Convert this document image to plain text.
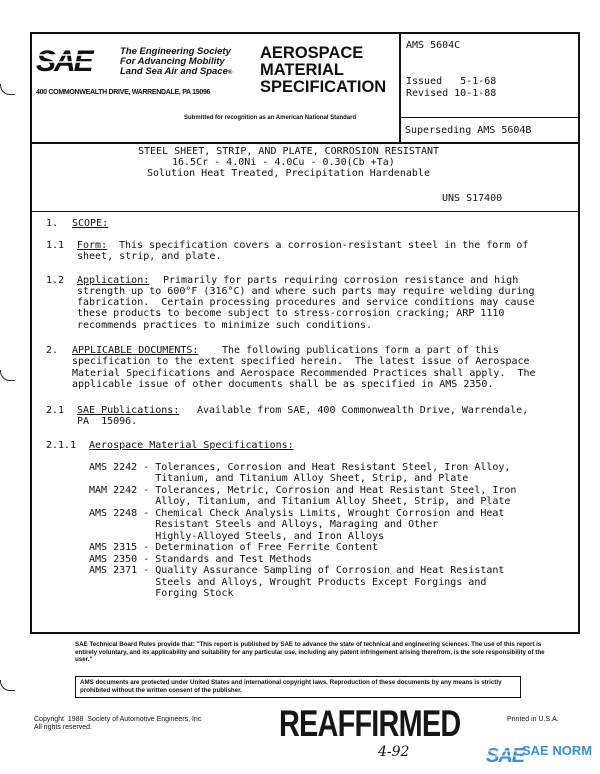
SAE	The Engineering Society
For Advancing Mobility
Land Sea Air and Space®
400 COMMONWEALTH DRIVE, WARRENDALE, PA 15096
AEROSPACE
MATERIAL
SPECIFICATION
Submitted for recognition as an American National Standard
AMS 5604C
Issued   5-1-68
Revised 10-1-88
Superseding AMS 5604B
STEEL SHEET, STRIP, AND PLATE, CORROSION RESISTANT
16.5Cr - 4.0Ni - 4.0Cu - 0.30(Cb +Ta)
Solution Heat Treated, Precipitation Hardenable
UNS S17400
1. SCOPE:
1.1 Form: This specification covers a corrosion-resistant steel in the form of
sheet, strip, and plate.
1.2 Application: Primarily for parts requiring corrosion resistance and high
strength up to 600°F (316°C) and where such parts may require welding during
fabrication.  Certain processing procedures and service conditions may cause
these products to become subject to stress-corrosion cracking; ARP 1110
recommends practices to minimize such conditions.
2. APPLICABLE DOCUMENTS: The following publications form a part of this
specification to the extent specified herein.  The latest issue of Aerospace
Material Specifications and Aerospace Recommended Practices shall apply.  The
applicable issue of other documents shall be as specified in AMS 2350.
2.1 SAE Publications: Available from SAE, 400 Commonwealth Drive, Warrendale,
PA  15096.
2.1.1 Aerospace Material Specifications:
AMS 2242 - Tolerances, Corrosion and Heat Resistant Steel, Iron Alloy,
Titanium, and Titanium Alloy Sheet, Strip, and Plate
MAM 2242 - Tolerances, Metric, Corrosion and Heat Resistant Steel, Iron
Alloy, Titanium, and Titanium Alloy Sheet, Strip, and Plate
AMS 2248 - Chemical Check Analysis Limits, Wrought Corrosion and Heat
Resistant Steels and Alloys, Maraging and Other
Highly-Alloyed Steels, and Iron Alloys
AMS 2315 - Determination of Free Ferrite Content
AMS 2350 - Standards and Test Methods
AMS 2371 - Quality Assurance Sampling of Corrosion and Heat Resistant
Steels and Alloys, Wrought Products Except Forgings and
Forging Stock
SAE Technical Board Rules provide that: "This report is published by SAE to advance the state of technical and engineering sciences. The use of this report is entirely voluntary, and its applicability and suitability for any particular use, including any patent infringement arising therefrom, is the sole responsibility of the user."
AMS documents are protected under United States and international copyright laws. Reproduction of these documents by any means is strictly prohibited without the written consent of the publisher.
Copyright  1988  Society of Automotive Engineers, Inc
All rights reserved.	REAFFIRMED
4-92
Printed in U.S.A.
SAE
SAE NORM
